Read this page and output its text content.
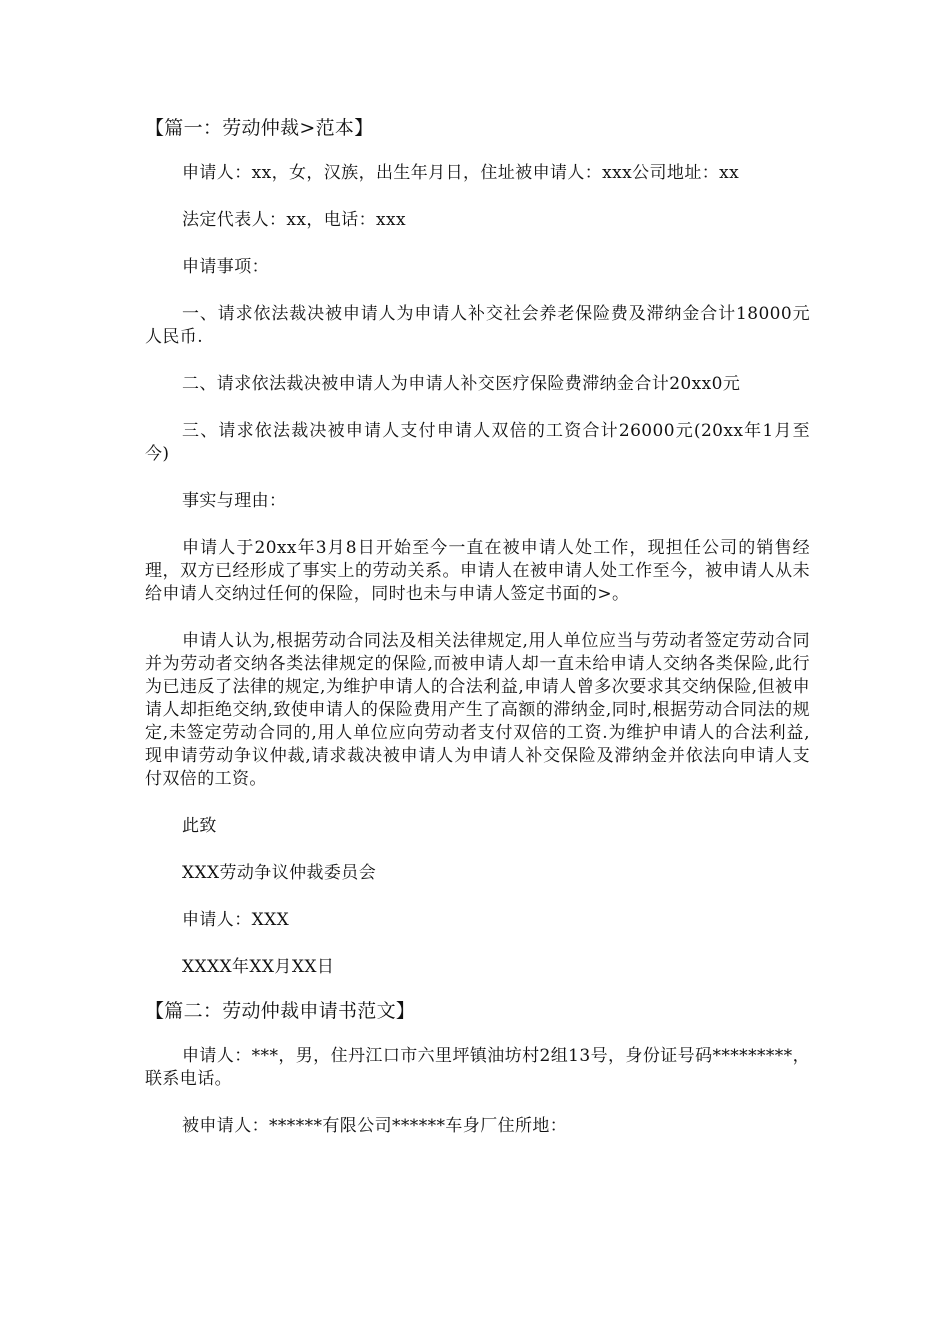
【篇一：劳动仲裁>范本】

申请人：xx，女，汉族，出生年月日，住址被申请人：xxx公司地址：xx

法定代表人：xx，电话：xxx

申请事项：

一、请求依法裁决被申请人为申请人补交社会养老保险费及滞纳金合计18000元人民币.

二、请求依法裁决被申请人为申请人补交医疗保险费滞纳金合计20xx0元

三、请求依法裁决被申请人支付申请人双倍的工资合计26000元(20xx年1月至今)

事实与理由：

申请人于20xx年3月8日开始至今一直在被申请人处工作，现担任公司的销售经理，双方已经形成了事实上的劳动关系。申请人在被申请人处工作至今，被申请人从未给申请人交纳过任何的保险，同时也未与申请人签定书面的>。

申请人认为,根据劳动合同法及相关法律规定,用人单位应当与劳动者签定劳动合同并为劳动者交纳各类法律规定的保险,而被申请人却一直未给申请人交纳各类保险,此行为已违反了法律的规定,为维护申请人的合法利益,申请人曾多次要求其交纳保险,但被申请人却拒绝交纳,致使申请人的保险费用产生了高额的滞纳金,同时,根据劳动合同法的规定,未签定劳动合同的,用人单位应向劳动者支付双倍的工资.为维护申请人的合法利益,现申请劳动争议仲裁,请求裁决被申请人为申请人补交保险及滞纳金并依法向申请人支付双倍的工资。

此致

XXX劳动争议仲裁委员会

申请人：XXX

XXXX年XX月XX日

【篇二：劳动仲裁申请书范文】

申请人：***，男，住丹江口市六里坪镇油坊村2组13号，身份证号码*********，联系电话。

被申请人：******有限公司******车身厂住所地：
